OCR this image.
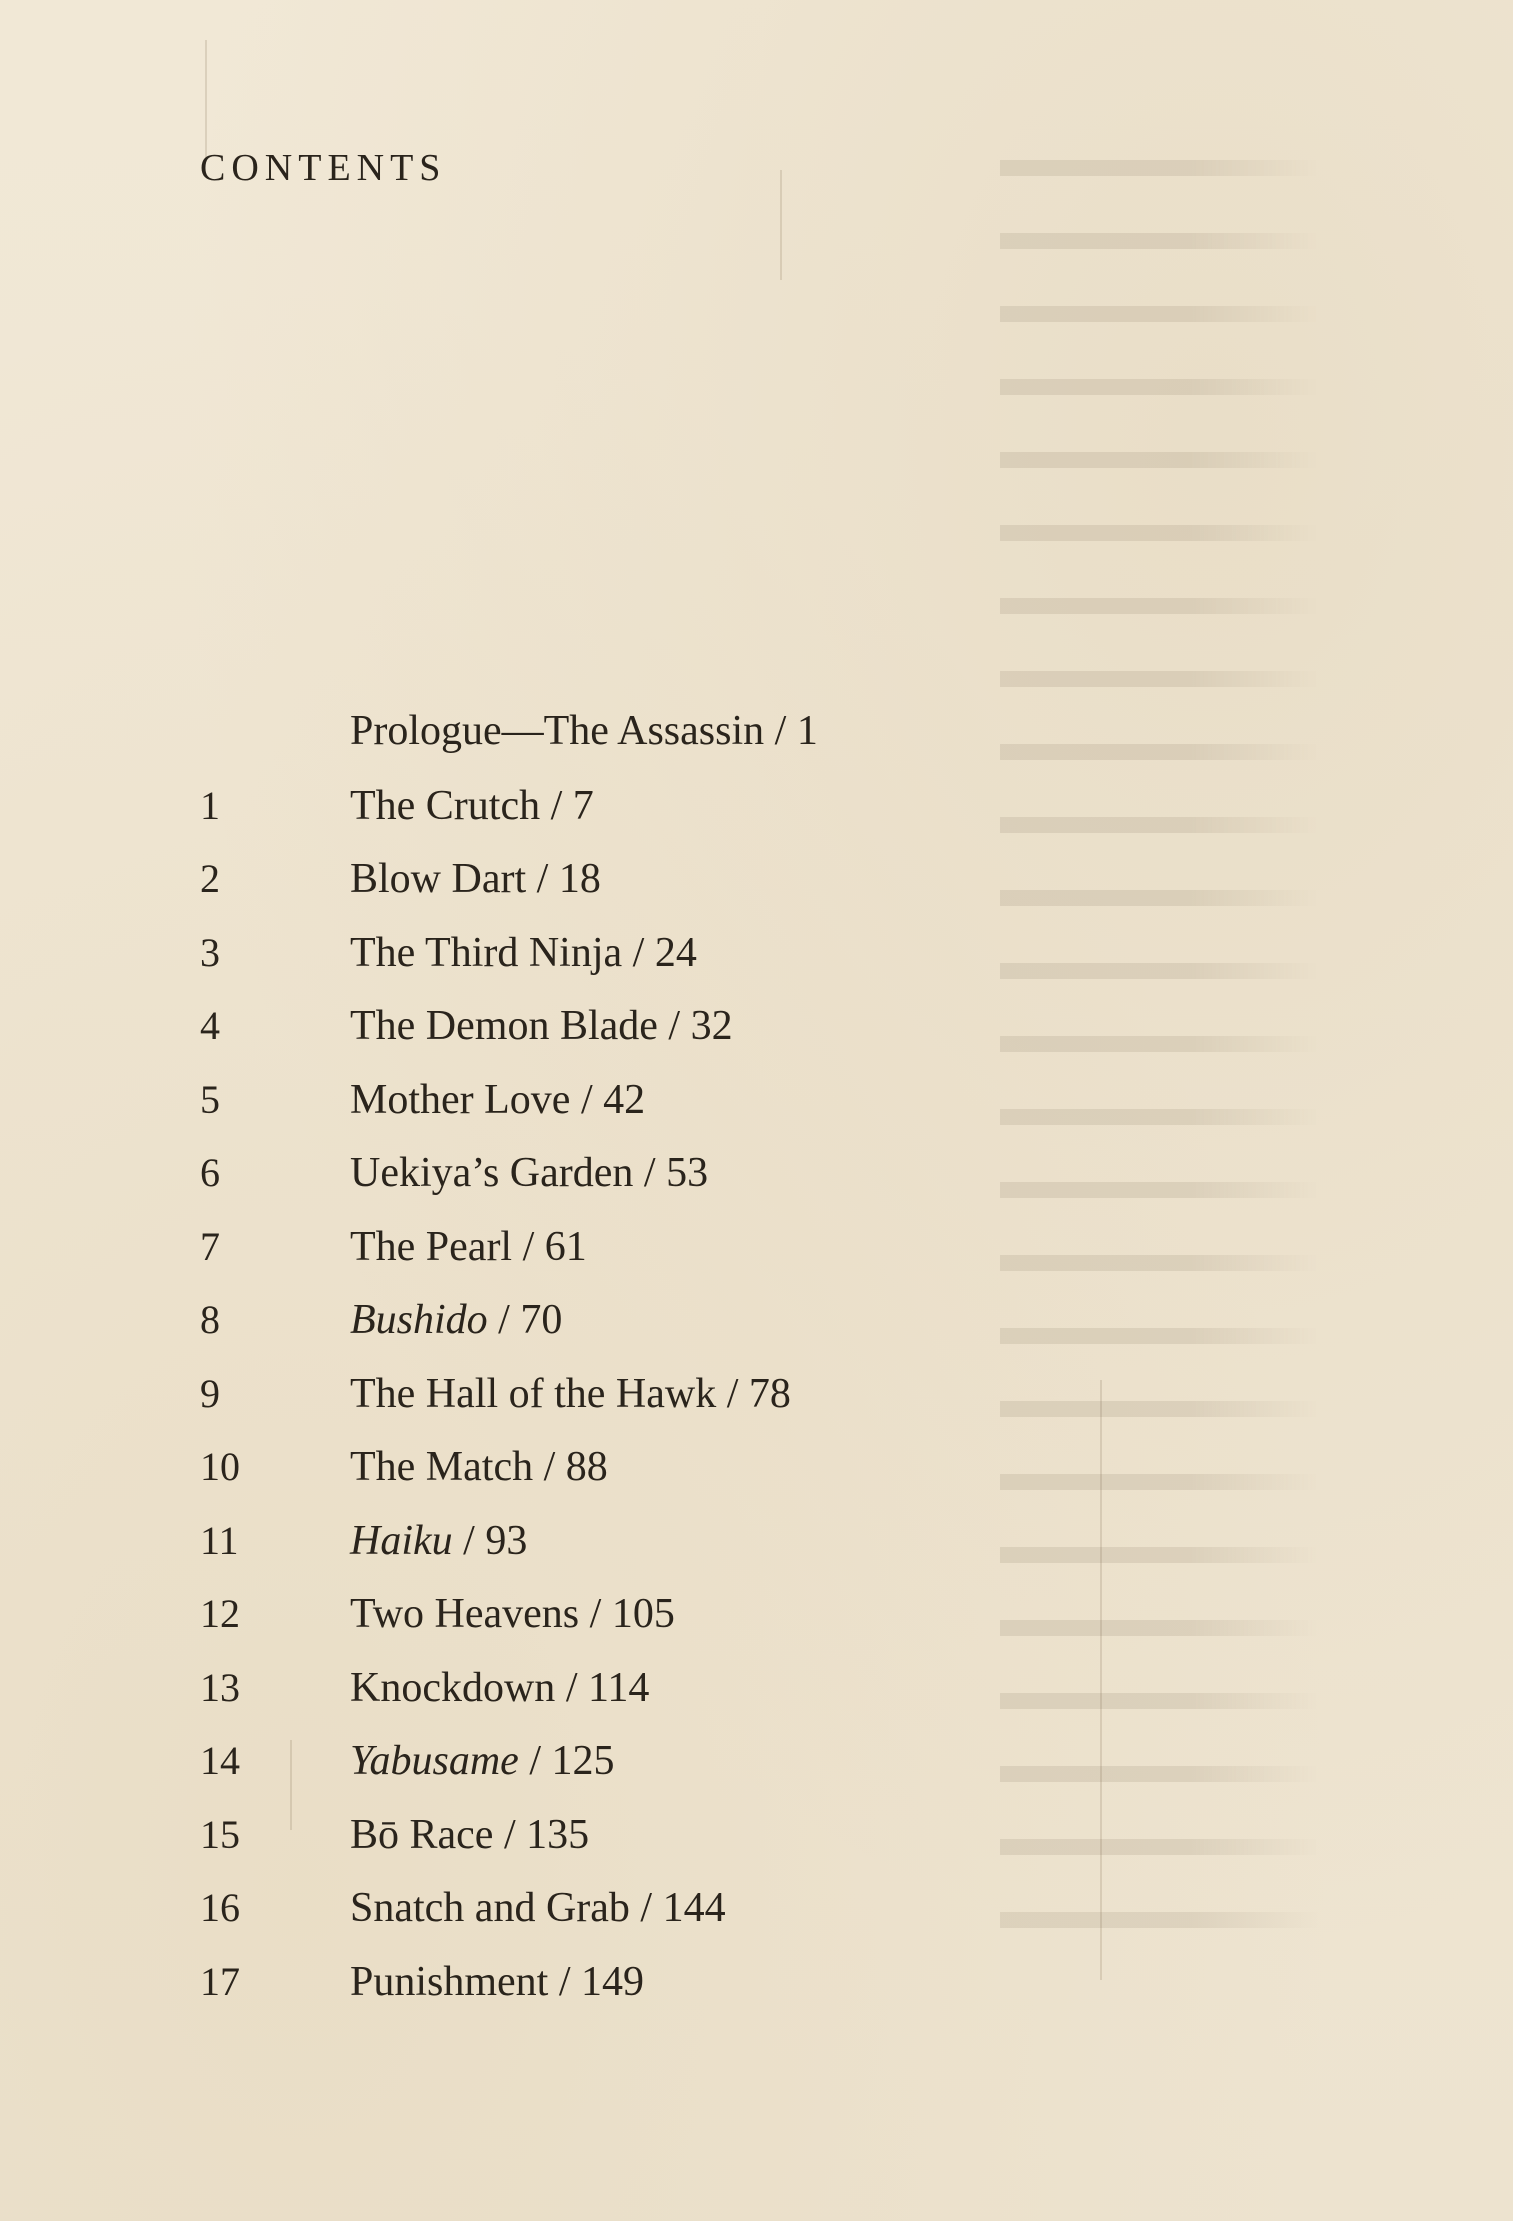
CONTENTS
Prologue—The Assassin / 1
1	The Crutch / 7
2	Blow Dart / 18
3	The Third Ninja / 24
4	The Demon Blade / 32
5	Mother Love / 42
6	Uekiya’s Garden / 53
7	The Pearl / 61
8	Bushido / 70
9	The Hall of the Hawk / 78
10	The Match / 88
11	Haiku / 93
12	Two Heavens / 105
13	Knockdown / 114
14	Yabusame / 125
15	Bō Race / 135
16	Snatch and Grab / 144
17	Punishment / 149
